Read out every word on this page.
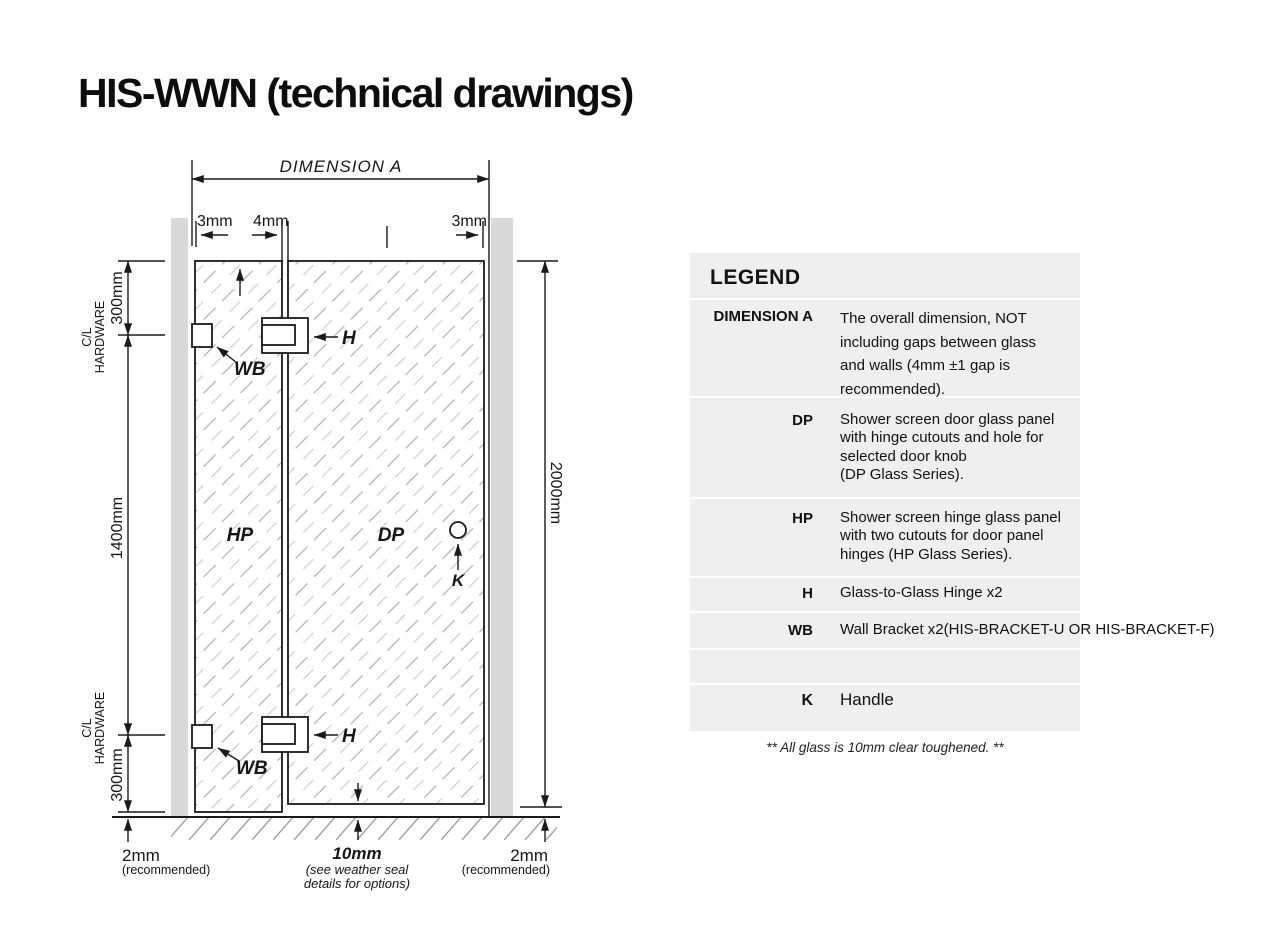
HIS-WWN (technical drawings)
DIMENSION A
3mm 4mm	3mm
HP	DP
H
H
WB
WB
K
300mm
C/L HARDWARE
1400mm
C/L HARDWARE
300mm
2000mm
2mm
(recommended)
2mm
(recommended)
10mm
(see weather seal
details for options)
LEGEND
DIMENSION A The overall dimension, NOT
including gaps between glass
and walls (4mm ±1 gap is
recommended).
DP Shower screen door glass panel
with hinge cutouts and hole for
selected door knob
(DP Glass Series).
HP Shower screen hinge glass panel
with two cutouts for door panel
hinges (HP Glass Series).
H Glass-to-Glass Hinge x2
WB Wall Bracket x2(HIS-BRACKET-U OR HIS-BRACKET-F)
K Handle
** All glass is 10mm clear toughened. **
